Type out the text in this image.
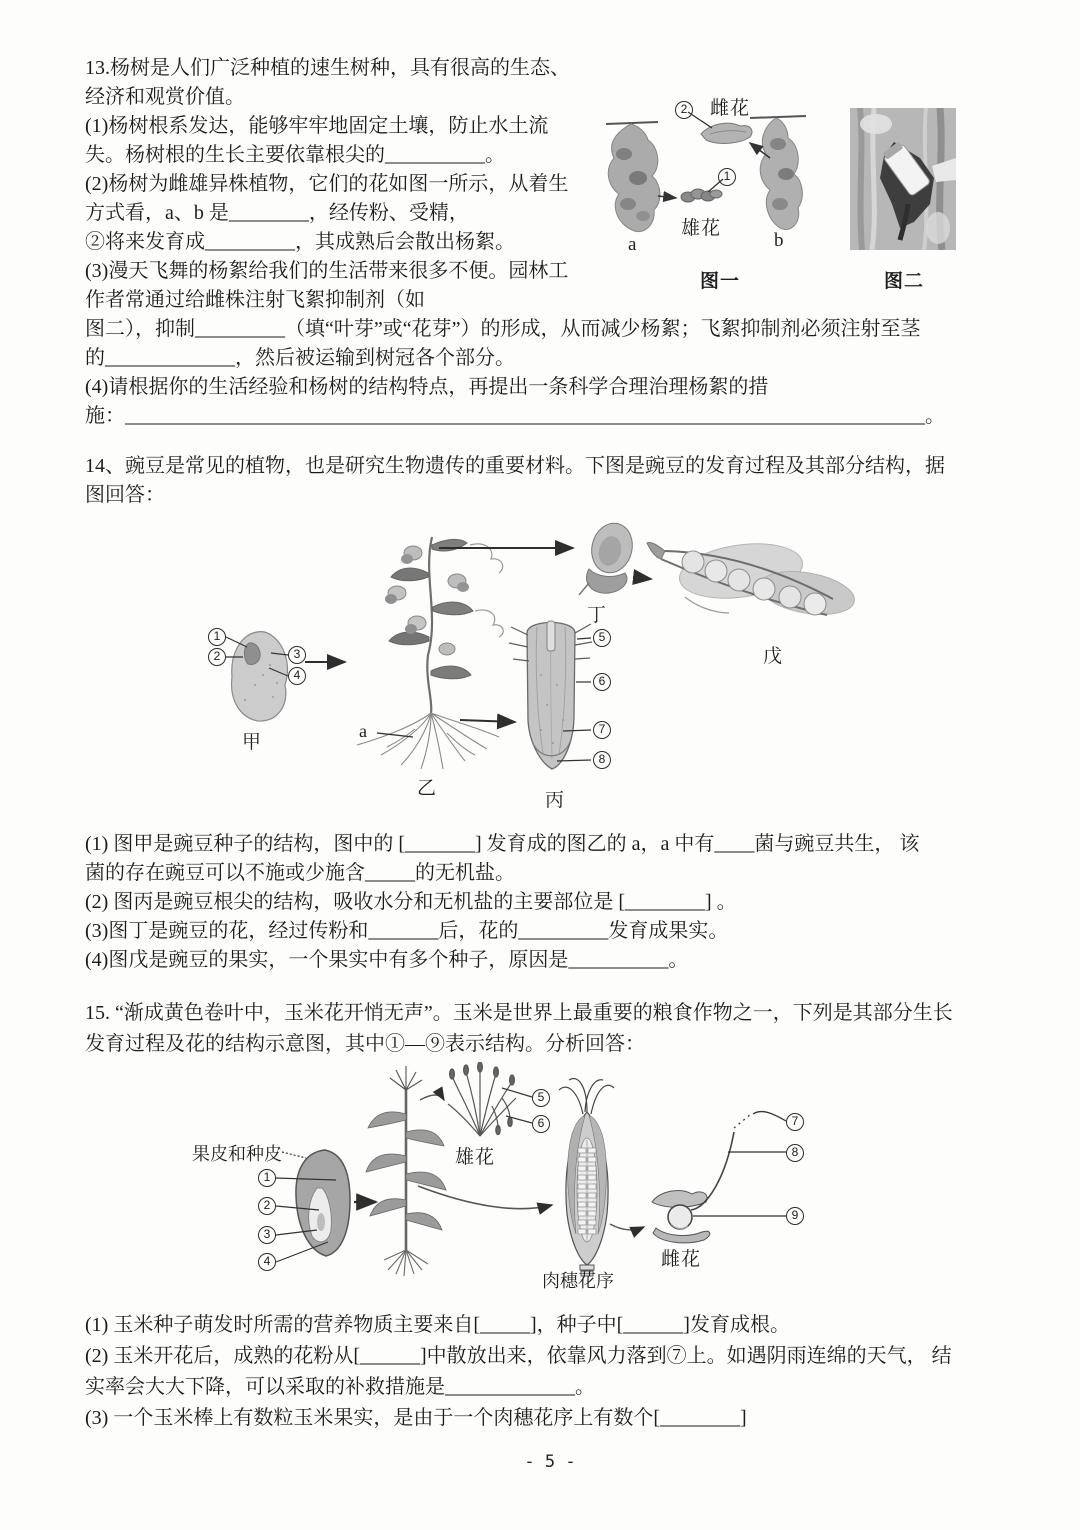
13.杨树是人们广泛种植的速生树种，具有很高的生态、
经济和观赏价值。
(1)杨树根系发达，能够牢牢地固定土壤，防止水土流
失。杨树根的生长主要依靠根尖的__________。
(2)杨树为雌雄异株植物，它们的花如图一所示，从着生
方式看，a、b 是________，经传粉、受精，
②将来发育成_________，其成熟后会散出杨絮。
(3)漫天飞舞的杨絮给我们的生活带来很多不便。园林工
作者常通过给雌株注射飞絮抑制剂（如
图二），抑制_________（填“叶芽”或“花芽”）的形成，从而减少杨絮；飞絮抑制剂必须注射至茎
的_____________，然后被运输到树冠各个部分。
(4)请根据你的生活经验和杨树的结构特点，再提出一条科学合理治理杨絮的措
施：________________________________________________________________________________。
2 雌花
1
雄花
a	b
图一	图二
14、豌豆是常见的植物，也是研究生物遗传的重要材料。下图是豌豆的发育过程及其部分结构，据
图回答：
1
2	3
4
甲
a
乙
丁
戊
丙
5
6
7
8
(1) 图甲是豌豆种子的结构，图中的 [_______] 发育成的图乙的 a，a 中有____菌与豌豆共生， 该
菌的存在豌豆可以不施或少施含_____的无机盐。
(2) 图丙是豌豆根尖的结构，吸收水分和无机盐的主要部位是 [________] 。
(3)图丁是豌豆的花，经过传粉和_______后，花的_________发育成果实。
(4)图戊是豌豆的果实，一个果实中有多个种子，原因是__________。
15. “渐成黄色卷叶中，玉米花开悄无声”。玉米是世界上最重要的粮食作物之一，下列是其部分生长
发育过程及花的结构示意图，其中①—⑨表示结构。分析回答：
果皮和种皮
1
2
3
4
雄花
5
6
肉穗花序
雌花
7
8
9
(1) 玉米种子萌发时所需的营养物质主要来自[_____]，种子中[______]发育成根。
(2) 玉米开花后，成熟的花粉从[______]中散放出来，依靠风力落到⑦上。如遇阴雨连绵的天气， 结
实率会大大下降，可以采取的补救措施是_____________。
(3) 一个玉米棒上有数粒玉米果实，是由于一个肉穗花序上有数个[________]
- 5 -
